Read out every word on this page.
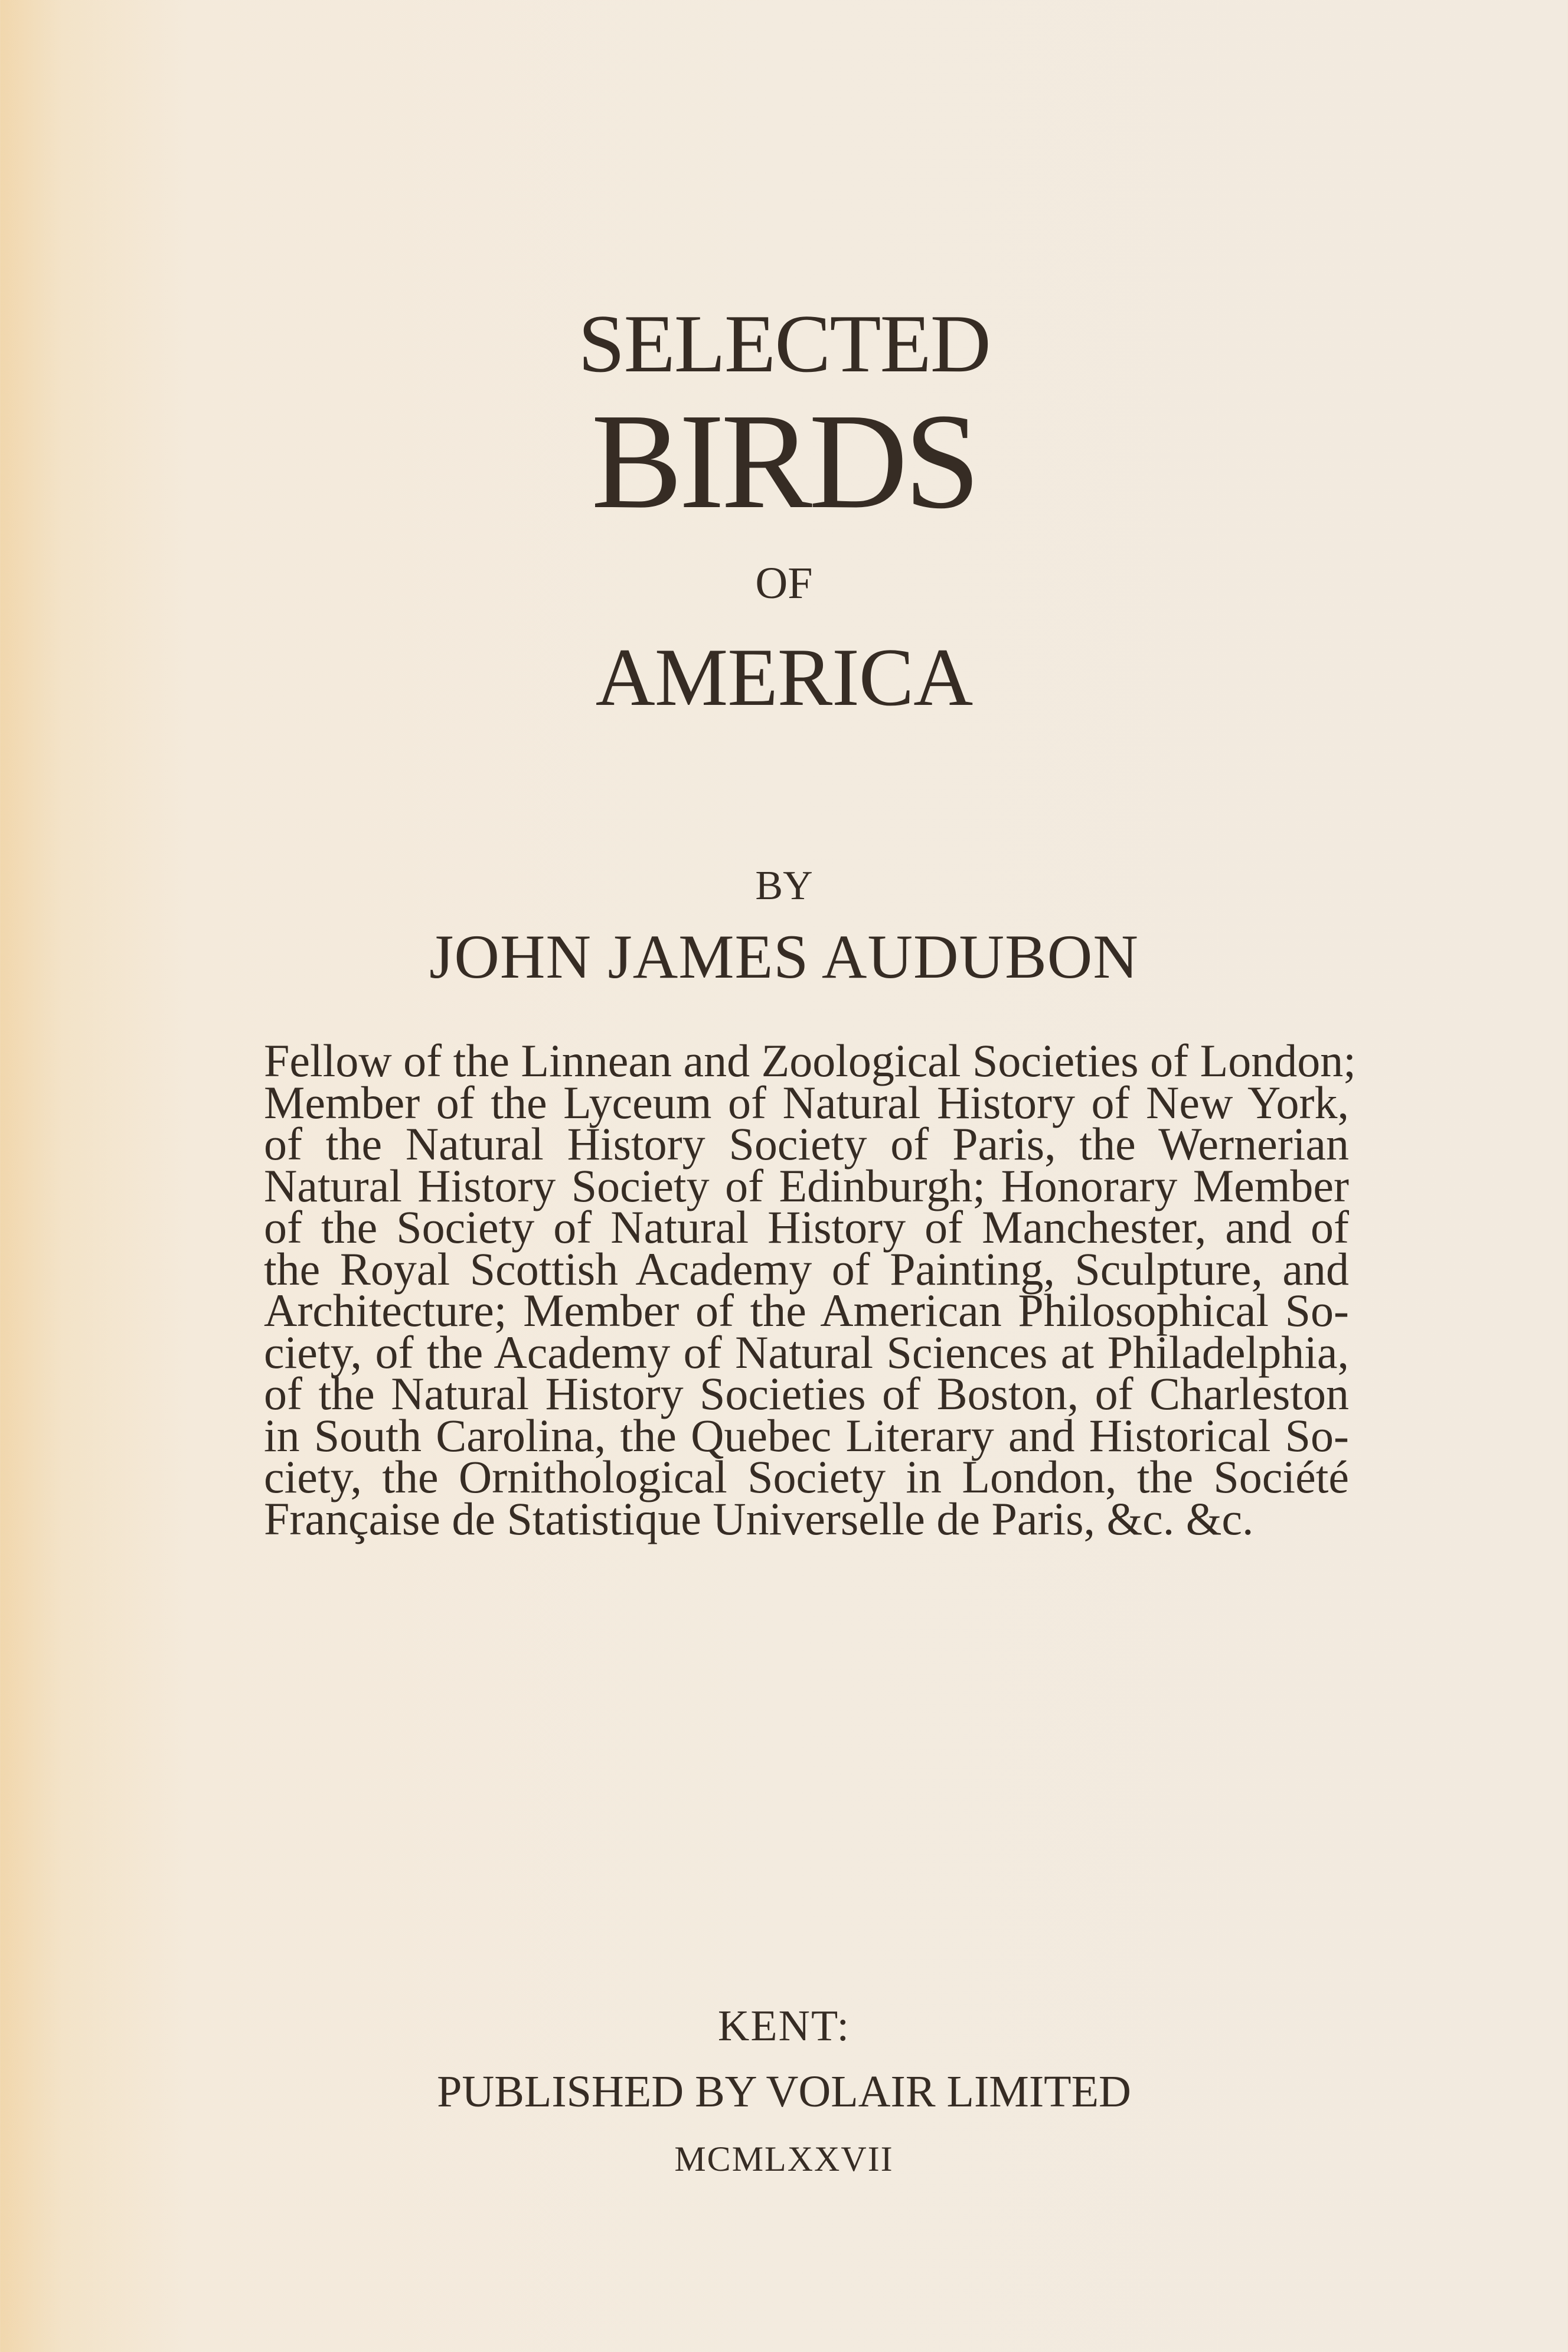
SELECTED
BIRDS
OF
AMERICA
BY
JOHN JAMES AUDUBON
Fellow of the Linnean and Zoological Societies of London;
Member of the Lyceum of Natural History of New York,
of the Natural History Society of Paris, the Wernerian
Natural History Society of Edinburgh; Honorary Member
of the Society of Natural History of Manchester, and of
the Royal Scottish Academy of Painting, Sculpture, and
Architecture; Member of the American Philosophical So-
ciety, of the Academy of Natural Sciences at Philadelphia,
of the Natural History Societies of Boston, of Charleston
in South Carolina, the Quebec Literary and Historical So-
ciety, the Ornithological Society in London, the Société
Française de Statistique Universelle de Paris, &c. &c.
KENT:
PUBLISHED BY VOLAIR LIMITED
MCMLXXVII
